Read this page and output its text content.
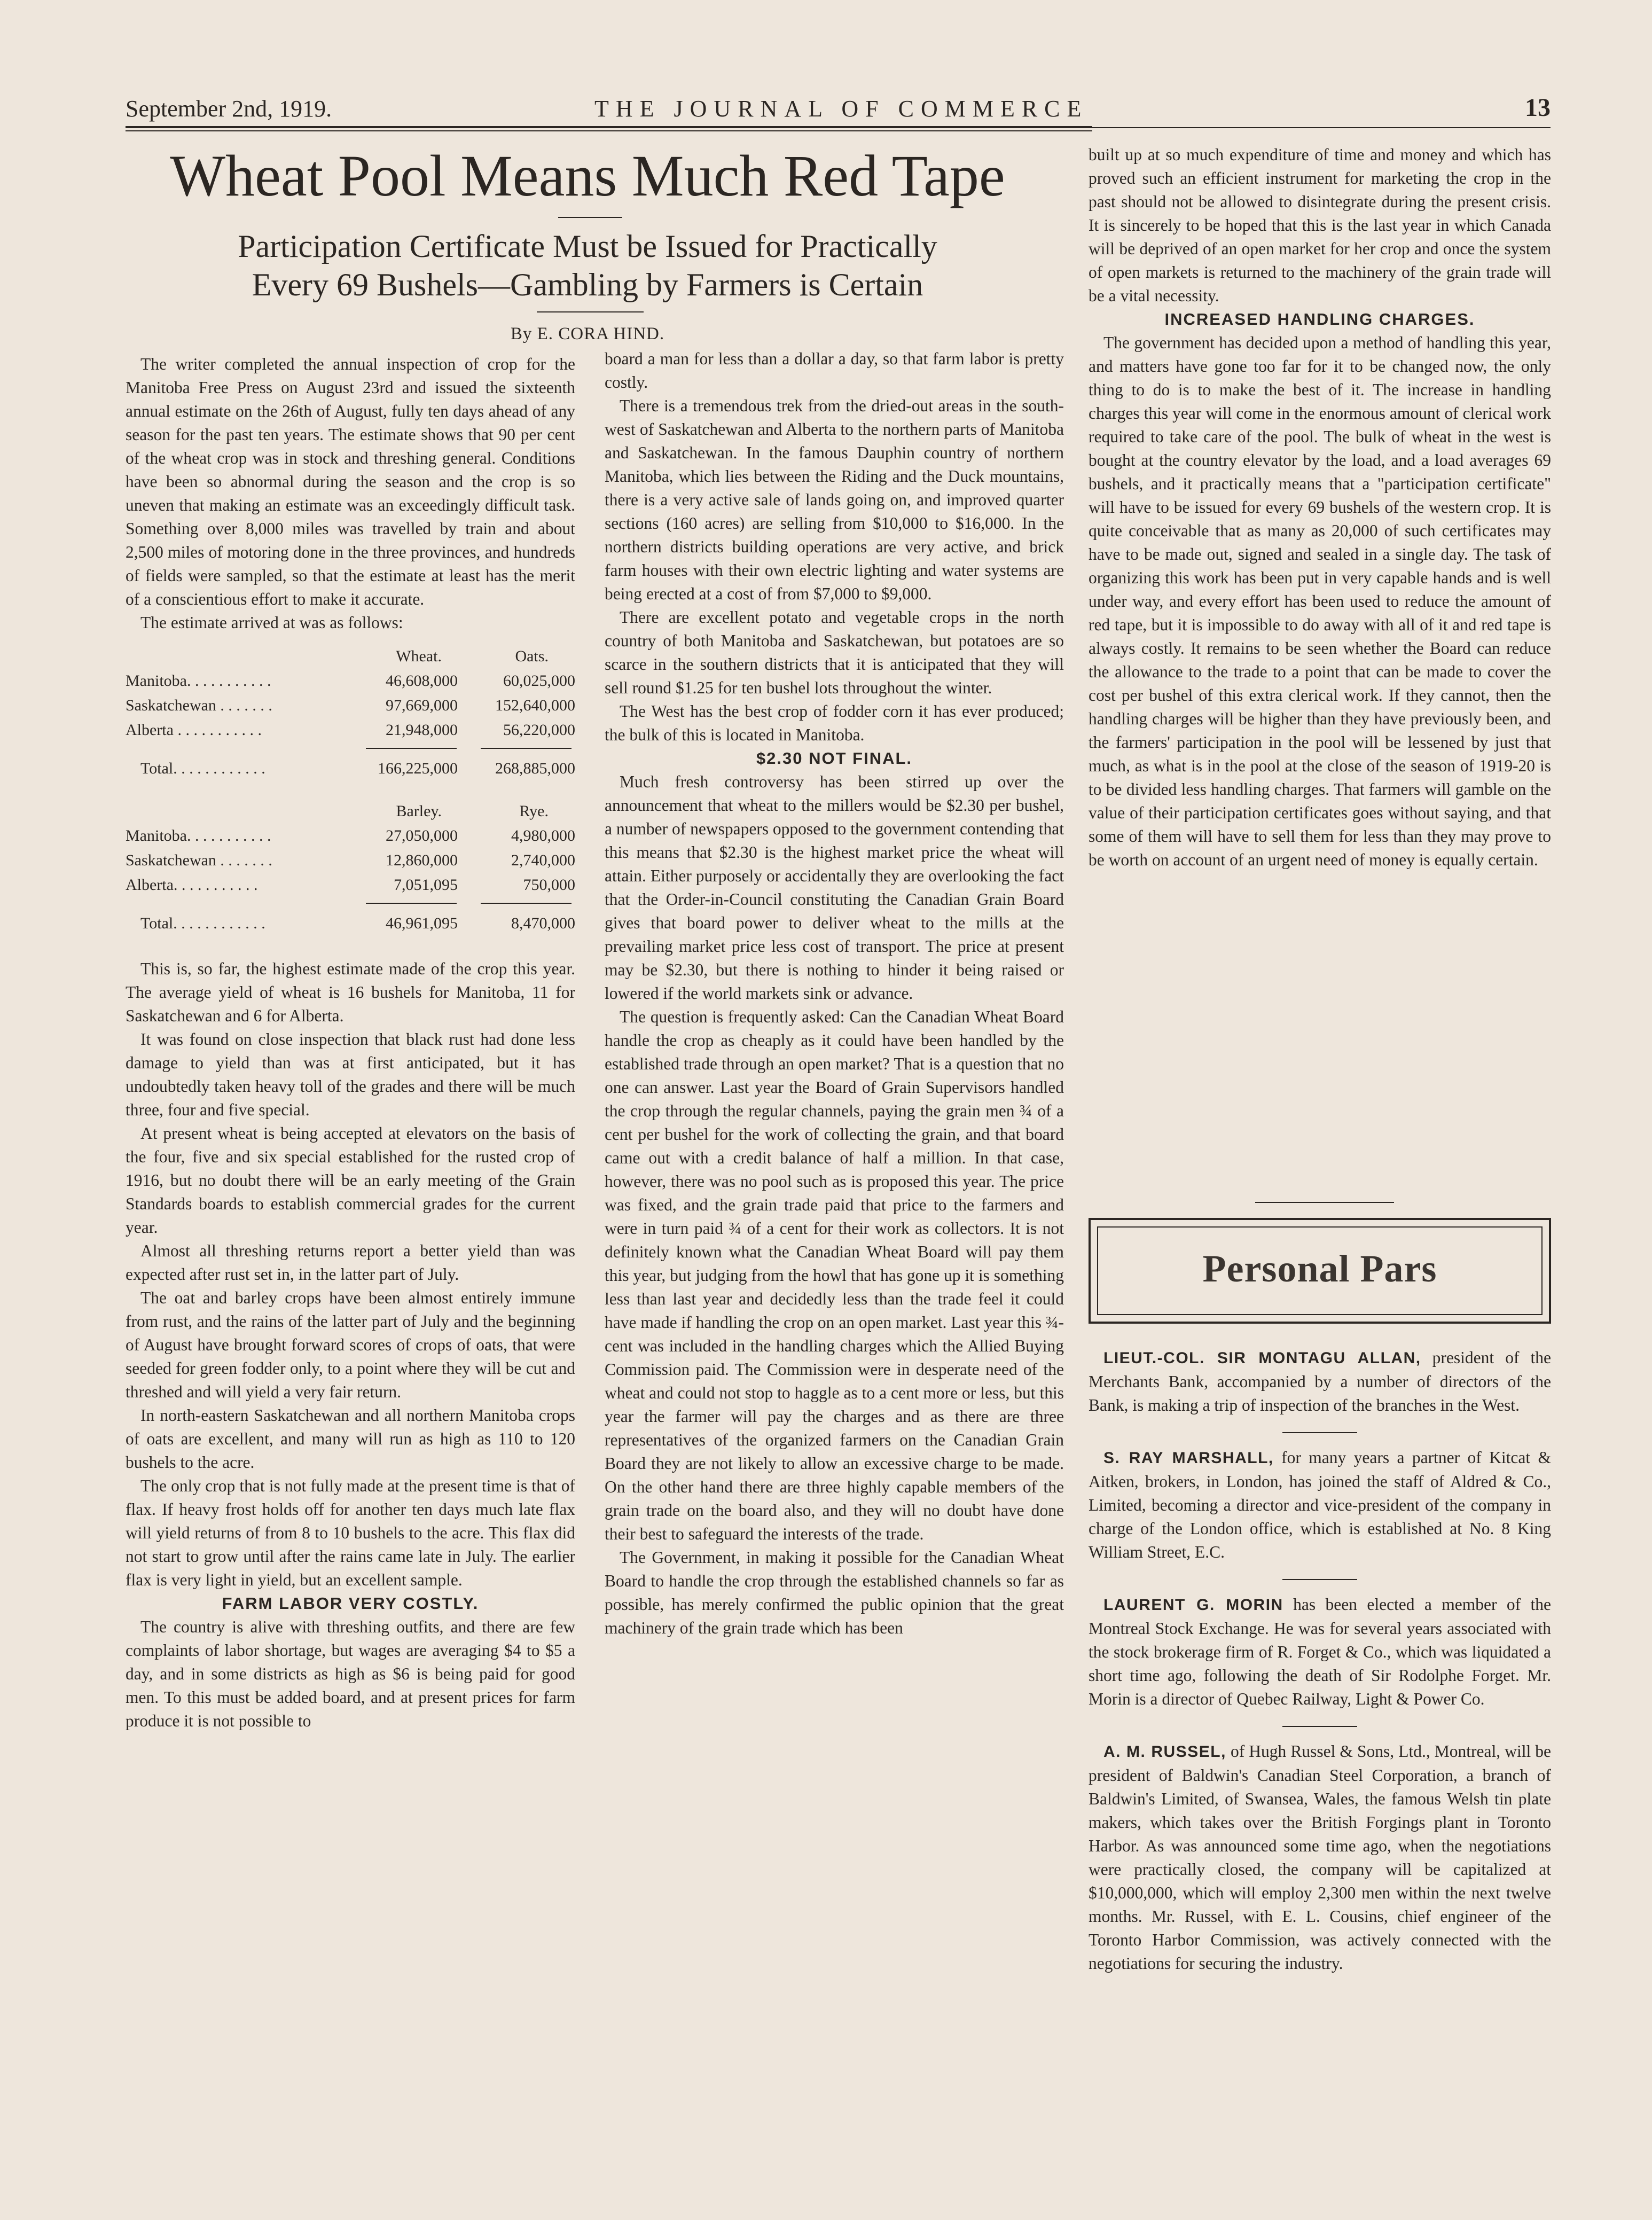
September 2nd, 1919.	THE JOURNAL OF COMMERCE	13
Wheat Pool Means Much Red Tape
Participation Certificate Must be Issued for Practically
Every 69 Bushels—Gambling by Farmers is Certain
By E. CORA HIND.

The writer completed the annual inspection of crop for the Manitoba Free Press on August 23rd and issued the sixteenth annual estimate on the 26th of August, fully ten days ahead of any season for the past ten years. The estimate shows that 90 per cent of the wheat crop was in stock and threshing general. Conditions have been so abnormal during the season and the crop is so uneven that making an estimate was an exceedingly difficult task. Something over 8,000 miles was travelled by train and about 2,500 miles of motoring done in the three provinces, and hundreds of fields were sampled, so that the estimate at least has the merit of a conscientious effort to make it accurate.

The estimate arrived at was as follows:

Wheat.	Oats.
Manitoba. . . . . . . . . . .	46,608,000	60,025,000
Saskatchewan . . . . . . .	97,669,000 152,640,000
Alberta . . . . . . . . . . .	21,948,000	56,220,000
Total. . . . . . . . . . . .	166,225,000 268,885,000
Barley.	Rye.
Manitoba. . . . . . . . . . .	27,050,000	4,980,000
Saskatchewan . . . . . . .	12,860,000	2,740,000
Alberta. . . . . . . . . . .	7,051,095	750,000
Total. . . . . . . . . . . .	46,961,095	8,470,000

This is, so far, the highest estimate made of the crop this year. The average yield of wheat is 16 bushels for Manitoba, 11 for Saskatchewan and 6 for Alberta.

It was found on close inspection that black rust had done less damage to yield than was at first anticipated, but it has undoubtedly taken heavy toll of the grades and there will be much three, four and five special.

At present wheat is being accepted at elevators on the basis of the four, five and six special established for the rusted crop of 1916, but no doubt there will be an early meeting of the Grain Standards boards to establish commercial grades for the current year.

Almost all threshing returns report a better yield than was expected after rust set in, in the latter part of July.

The oat and barley crops have been almost entirely immune from rust, and the rains of the latter part of July and the beginning of August have brought forward scores of crops of oats, that were seeded for green fodder only, to a point where they will be cut and threshed and will yield a very fair return.

In north-eastern Saskatchewan and all northern Manitoba crops of oats are excellent, and many will run as high as 110 to 120 bushels to the acre.

The only crop that is not fully made at the present time is that of flax. If heavy frost holds off for another ten days much late flax will yield returns of from 8 to 10 bushels to the acre. This flax did not start to grow until after the rains came late in July. The earlier flax is very light in yield, but an excellent sample.

FARM LABOR VERY COSTLY.

The country is alive with threshing outfits, and there are few complaints of labor shortage, but wages are averaging $4 to $5 a day, and in some districts as high as $6 is being paid for good men. To this must be added board, and at present prices for farm produce it is not possible to

board a man for less than a dollar a day, so that farm labor is pretty costly.

There is a tremendous trek from the dried-out areas in the south-west of Saskatchewan and Alberta to the northern parts of Manitoba and Saskatchewan. In the famous Dauphin country of northern Manitoba, which lies between the Riding and the Duck mountains, there is a very active sale of lands going on, and improved quarter sections (160 acres) are selling from $10,000 to $16,000. In the northern districts building operations are very active, and brick farm houses with their own electric lighting and water systems are being erected at a cost of from $7,000 to $9,000.

There are excellent potato and vegetable crops in the north country of both Manitoba and Saskatchewan, but potatoes are so scarce in the southern districts that it is anticipated that they will sell round $1.25 for ten bushel lots throughout the winter.

The West has the best crop of fodder corn it has ever produced; the bulk of this is located in Manitoba.

$2.30 NOT FINAL.

Much fresh controversy has been stirred up over the announcement that wheat to the millers would be $2.30 per bushel, a number of newspapers opposed to the government contending that this means that $2.30 is the highest market price the wheat will attain. Either purposely or accidentally they are overlooking the fact that the Order-in-Council constituting the Canadian Grain Board gives that board power to deliver wheat to the mills at the prevailing market price less cost of transport. The price at present may be $2.30, but there is nothing to hinder it being raised or lowered if the world markets sink or advance.

The question is frequently asked: Can the Canadian Wheat Board handle the crop as cheaply as it could have been handled by the established trade through an open market? That is a question that no one can answer. Last year the Board of Grain Supervisors handled the crop through the regular channels, paying the grain men ¾ of a cent per bushel for the work of collecting the grain, and that board came out with a credit balance of half a million. In that case, however, there was no pool such as is proposed this year. The price was fixed, and the grain trade paid that price to the farmers and were in turn paid ¾ of a cent for their work as collectors. It is not definitely known what the Canadian Wheat Board will pay them this year, but judging from the howl that has gone up it is something less than last year and decidedly less than the trade feel it could have made if handling the crop on an open market. Last year this ¾-cent was included in the handling charges which the Allied Buying Commission paid. The Commission were in desperate need of the wheat and could not stop to haggle as to a cent more or less, but this year the farmer will pay the charges and as there are three representatives of the organized farmers on the Canadian Grain Board they are not likely to allow an excessive charge to be made. On the other hand there are three highly capable members of the grain trade on the board also, and they will no doubt have done their best to safeguard the interests of the trade.

The Government, in making it possible for the Canadian Wheat Board to handle the crop through the established channels so far as possible, has merely confirmed the public opinion that the great machinery of the grain trade which has been

built up at so much expenditure of time and money and which has proved such an efficient instrument for marketing the crop in the past should not be allowed to disintegrate during the present crisis. It is sincerely to be hoped that this is the last year in which Canada will be deprived of an open market for her crop and once the system of open markets is returned to the machinery of the grain trade will be a vital necessity.

INCREASED HANDLING CHARGES.

The government has decided upon a method of handling this year, and matters have gone too far for it to be changed now, the only thing to do is to make the best of it. The increase in handling charges this year will come in the enormous amount of clerical work required to take care of the pool. The bulk of wheat in the west is bought at the country elevator by the load, and a load averages 69 bushels, and it practically means that a "participation certificate" will have to be issued for every 69 bushels of the western crop. It is quite conceivable that as many as 20,000 of such certificates may have to be made out, signed and sealed in a single day. The task of organizing this work has been put in very capable hands and is well under way, and every effort has been used to reduce the amount of red tape, but it is impossible to do away with all of it and red tape is always costly. It remains to be seen whether the Board can reduce the allowance to the trade to a point that can be made to cover the cost per bushel of this extra clerical work. If they cannot, then the handling charges will be higher than they have previously been, and the farmers' participation in the pool will be lessened by just that much, as what is in the pool at the close of the season of 1919-20 is to be divided less handling charges. That farmers will gamble on the value of their participation certificates goes without saying, and that some of them will have to sell them for less than they may prove to be worth on account of an urgent need of money is equally certain.

Personal Pars

LIEUT.-COL. SIR MONTAGU ALLAN, president of the Merchants Bank, accompanied by a number of directors of the Bank, is making a trip of inspection of the branches in the West.

S. RAY MARSHALL, for many years a partner of Kitcat & Aitken, brokers, in London, has joined the staff of Aldred & Co., Limited, becoming a director and vice-president of the company in charge of the London office, which is established at No. 8 King William Street, E.C.

LAURENT G. MORIN has been elected a member of the Montreal Stock Exchange. He was for several years associated with the stock brokerage firm of R. Forget & Co., which was liquidated a short time ago, following the death of Sir Rodolphe Forget. Mr. Morin is a director of Quebec Railway, Light & Power Co.

A. M. RUSSEL, of Hugh Russel & Sons, Ltd., Montreal, will be president of Baldwin's Canadian Steel Corporation, a branch of Baldwin's Limited, of Swansea, Wales, the famous Welsh tin plate makers, which takes over the British Forgings plant in Toronto Harbor. As was announced some time ago, when the negotiations were practically closed, the company will be capitalized at $10,000,000, which will employ 2,300 men within the next twelve months. Mr. Russel, with E. L. Cousins, chief engineer of the Toronto Harbor Commission, was actively connected with the negotiations for securing the industry.
